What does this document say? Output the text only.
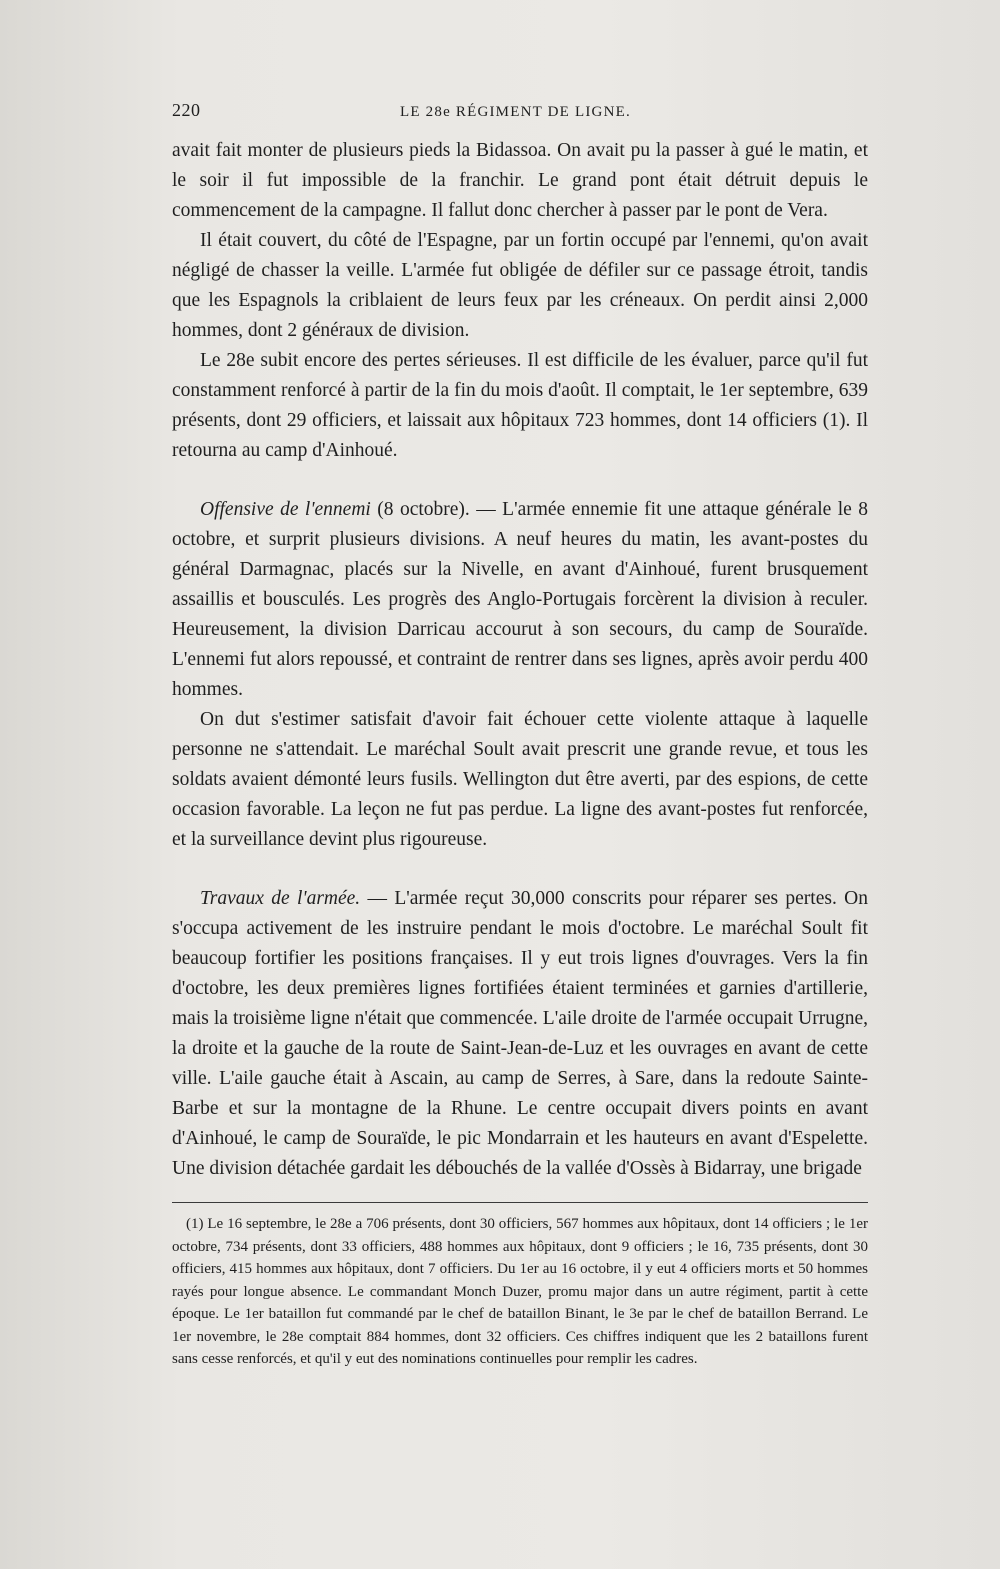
220	LE 28e RÉGIMENT DE LIGNE.

avait fait monter de plusieurs pieds la Bidassoa. On avait pu la passer à gué le matin, et le soir il fut impossible de la franchir. Le grand pont était détruit depuis le commencement de la campagne. Il fallut donc chercher à passer par le pont de Vera.

Il était couvert, du côté de l'Espagne, par un fortin occupé par l'ennemi, qu'on avait négligé de chasser la veille. L'armée fut obligée de défiler sur ce passage étroit, tandis que les Espagnols la criblaient de leurs feux par les créneaux. On perdit ainsi 2,000 hommes, dont 2 généraux de division.

Le 28e subit encore des pertes sérieuses. Il est difficile de les évaluer, parce qu'il fut constamment renforcé à partir de la fin du mois d'août. Il comptait, le 1er septembre, 639 présents, dont 29 officiers, et laissait aux hôpitaux 723 hommes, dont 14 officiers (1). Il retourna au camp d'Ainhoué.

Offensive de l'ennemi (8 octobre). — L'armée ennemie fit une attaque générale le 8 octobre, et surprit plusieurs divisions. A neuf heures du matin, les avant-postes du général Darmagnac, placés sur la Nivelle, en avant d'Ainhoué, furent brusquement assaillis et bousculés. Les progrès des Anglo-Portugais forcèrent la division à reculer. Heureusement, la division Darricau accourut à son secours, du camp de Souraïde. L'ennemi fut alors repoussé, et contraint de rentrer dans ses lignes, après avoir perdu 400 hommes.

On dut s'estimer satisfait d'avoir fait échouer cette violente attaque à laquelle personne ne s'attendait. Le maréchal Soult avait prescrit une grande revue, et tous les soldats avaient démonté leurs fusils. Wellington dut être averti, par des espions, de cette occasion favorable. La leçon ne fut pas perdue. La ligne des avant-postes fut renforcée, et la surveillance devint plus rigoureuse.

Travaux de l'armée. — L'armée reçut 30,000 conscrits pour réparer ses pertes. On s'occupa activement de les instruire pendant le mois d'octobre. Le maréchal Soult fit beaucoup fortifier les positions françaises. Il y eut trois lignes d'ouvrages. Vers la fin d'octobre, les deux premières lignes fortifiées étaient terminées et garnies d'artillerie, mais la troisième ligne n'était que commencée. L'aile droite de l'armée occupait Urrugne, la droite et la gauche de la route de Saint-Jean-de-Luz et les ouvrages en avant de cette ville. L'aile gauche était à Ascain, au camp de Serres, à Sare, dans la redoute Sainte-Barbe et sur la montagne de la Rhune. Le centre occupait divers points en avant d'Ainhoué, le camp de Souraïde, le pic Mondarrain et les hauteurs en avant d'Espelette. Une division détachée gardait les débouchés de la vallée d'Ossès à Bidarray, une brigade

(1) Le 16 septembre, le 28e a 706 présents, dont 30 officiers, 567 hommes aux hôpitaux, dont 14 officiers ; le 1er octobre, 734 présents, dont 33 officiers, 488 hommes aux hôpitaux, dont 9 officiers ; le 16, 735 présents, dont 30 officiers, 415 hommes aux hôpitaux, dont 7 officiers. Du 1er au 16 octobre, il y eut 4 officiers morts et 50 hommes rayés pour longue absence. Le commandant Monch Duzer, promu major dans un autre régiment, partit à cette époque. Le 1er bataillon fut commandé par le chef de bataillon Binant, le 3e par le chef de bataillon Berrand. Le 1er novembre, le 28e comptait 884 hommes, dont 32 officiers. Ces chiffres indiquent que les 2 bataillons furent sans cesse renforcés, et qu'il y eut des nominations continuelles pour remplir les cadres.
